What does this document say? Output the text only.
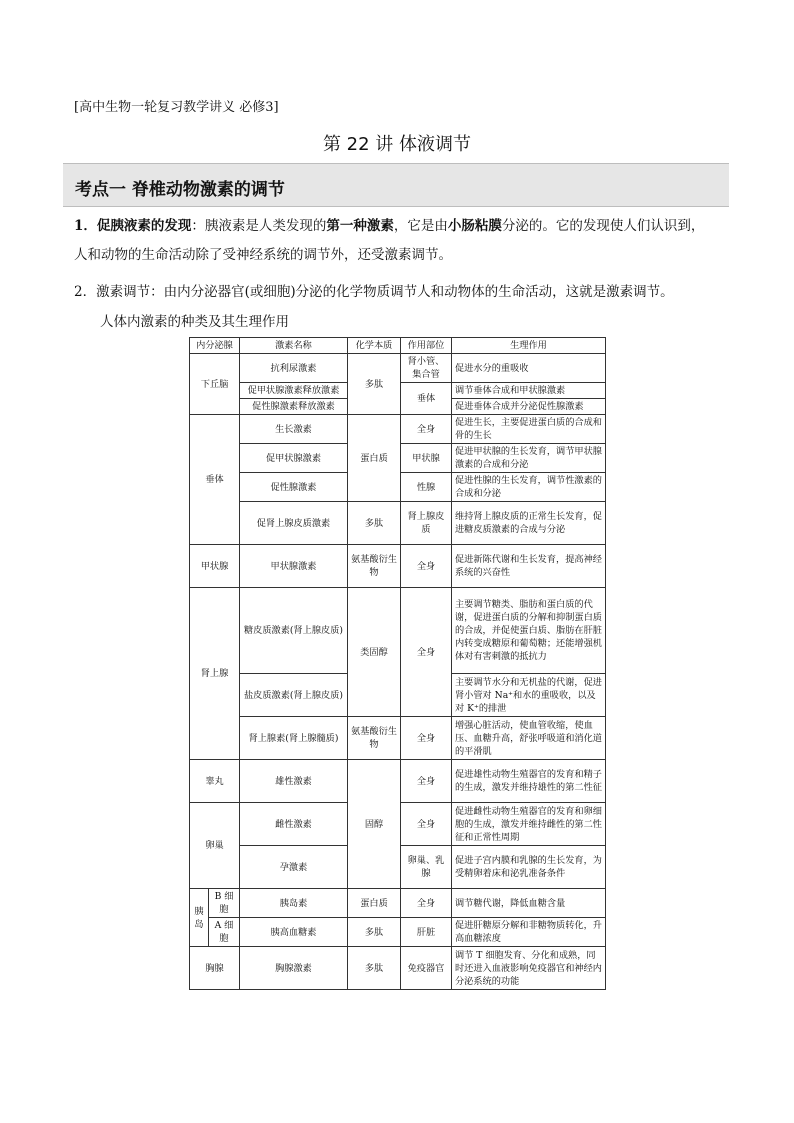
[高中生物一轮复习教学讲义 必修3]
第 22 讲 体液调节
考点一 脊椎动物激素的调节
1．促胰液素的发现：胰液素是人类发现的第一种激素，它是由小肠粘膜分泌的。它的发现使人们认识到，
人和动物的生命活动除了受神经系统的调节外，还受激素调节。
2．激素调节：由内分泌器官(或细胞)分泌的化学物质调节人和动物体的生命活动，这就是激素调节。
人体内激素的种类及其生理作用
内分泌腺		激素名称	化学本质	作用部位	生理作用
下丘脑		抗利尿激素	多肽	肾小管、集合管	促进水分的重吸收
		促甲状腺激素释放激素		垂体	调节垂体合成和甲状腺激素
		促性腺激素释放激素			促进垂体合成并分泌促性腺激素
垂体		生长激素	蛋白质	全身	促进生长，主要促进蛋白质的合成和骨的生长
		促甲状腺激素		甲状腺	促进甲状腺的生长发育，调节甲状腺激素的合成和分泌
		促性腺激素		性腺	促进性腺的生长发育，调节性激素的合成和分泌
		促肾上腺皮质激素	多肽	肾上腺皮质	维持肾上腺皮质的正常生长发育，促进糖皮质激素的合成与分泌
甲状腺		甲状腺激素	氨基酸衍生物	全身	促进新陈代谢和生长发育，提高神经系统的兴奋性
肾上腺		糖皮质激素(肾上腺皮质)	类固醇	全身	主要调节糖类、脂肪和蛋白质的代谢，促进蛋白质的分解和抑制蛋白质的合成，并促使蛋白质、脂肪在肝脏内转变成糖原和葡萄糖；还能增强机体对有害刺激的抵抗力
		盐皮质激素(肾上腺皮质)			主要调节水分和无机盐的代谢，促进肾小管对 Na⁺和水的重吸收，以及对 K⁺的排泄
		肾上腺素(肾上腺髓质)	氨基酸衍生物	全身	增强心脏活动，使血管收缩，使血压、血糖升高，舒张呼吸道和消化道的平滑肌
睾丸		雄性激素	固醇	全身	促进雄性动物生殖器官的发育和精子的生成，激发并维持雄性的第二性征
卵巢		雌性激素		全身	促进雌性动物生殖器官的发育和卵细胞的生成，激发并维持雌性的第二性征和正常性周期
		孕激素		卵巢、乳腺	促进子宫内膜和乳腺的生长发育，为受精卵着床和泌乳准备条件
胰岛	B 细胞	胰岛素	蛋白质	全身	调节糖代谢，降低血糖含量
	A 细胞	胰高血糖素	多肽	肝脏	促进肝糖原分解和非糖物质转化，升高血糖浓度
胸腺		胸腺激素	多肽	免疫器官	调节 T 细胞发育、分化和成熟，同时还进入血液影响免疫器官和神经内分泌系统的功能
